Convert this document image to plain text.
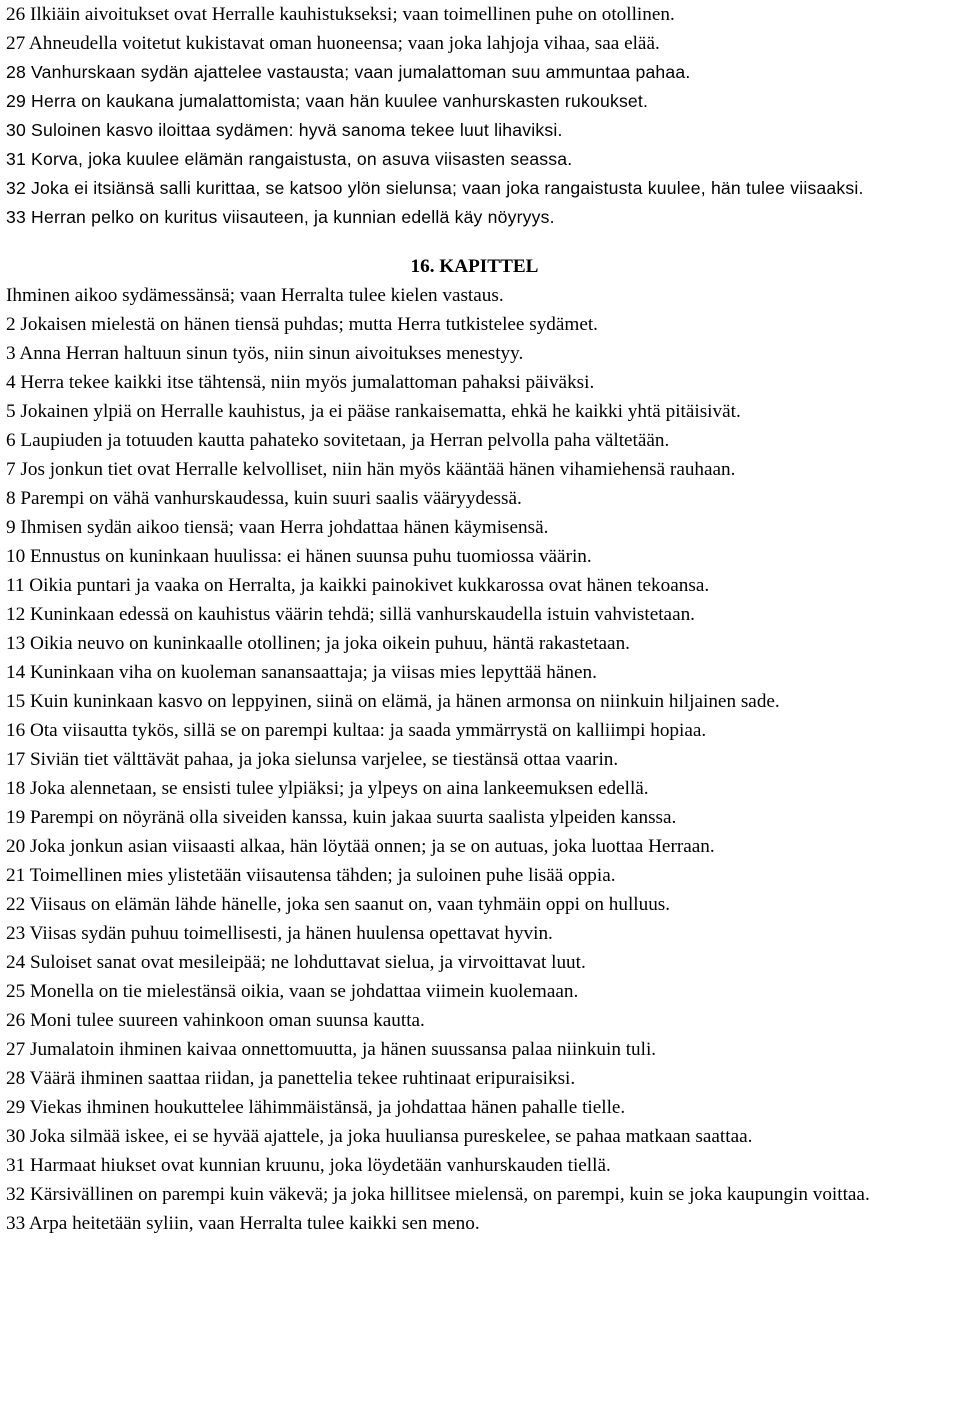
26 Ilkiäin aivoitukset ovat Herralle kauhistukseksi; vaan toimellinen puhe on otollinen.

27 Ahneudella voitetut kukistavat oman huoneensa; vaan joka lahjoja vihaa, saa elää.

28 Vanhurskaan sydän ajattelee vastausta; vaan jumalattoman suu ammuntaa pahaa.

29 Herra on kaukana jumalattomista; vaan hän kuulee vanhurskasten rukoukset.

30 Suloinen kasvo iloittaa sydämen: hyvä sanoma tekee luut lihaviksi.

31 Korva, joka kuulee elämän rangaistusta, on asuva viisasten seassa.

32 Joka ei itsiänsä salli kurittaa, se katsoo ylön sielunsa; vaan joka rangaistusta kuulee, hän tulee viisaaksi.

33 Herran pelko on kuritus viisauteen, ja kunnian edellä käy nöyryys.

16. KAPITTEL

Ihminen aikoo sydämessänsä; vaan Herralta tulee kielen vastaus.

2 Jokaisen mielestä on hänen tiensä puhdas; mutta Herra tutkistelee sydämet.

3 Anna Herran haltuun sinun työs, niin sinun aivoitukses menestyy.

4 Herra tekee kaikki itse tähtensä, niin myös jumalattoman pahaksi päiväksi.

5 Jokainen ylpiä on Herralle kauhistus, ja ei pääse rankaisematta, ehkä he kaikki yhtä pitäisivät.

6 Laupiuden ja totuuden kautta pahateko sovitetaan, ja Herran pelvolla paha vältetään.

7 Jos jonkun tiet ovat Herralle kelvolliset, niin hän myös kääntää hänen vihamiehensä rauhaan.

8 Parempi on vähä vanhurskaudessa, kuin suuri saalis vääryydessä.

9 Ihmisen sydän aikoo tiensä; vaan Herra johdattaa hänen käymisensä.

10 Ennustus on kuninkaan huulissa: ei hänen suunsa puhu tuomiossa väärin.

11 Oikia puntari ja vaaka on Herralta, ja kaikki painokivet kukkarossa ovat hänen tekoansa.

12 Kuninkaan edessä on kauhistus väärin tehdä; sillä vanhurskaudella istuin vahvistetaan.

13 Oikia neuvo on kuninkaalle otollinen; ja joka oikein puhuu, häntä rakastetaan.

14 Kuninkaan viha on kuoleman sanansaattaja; ja viisas mies lepyttää hänen.

15 Kuin kuninkaan kasvo on leppyinen, siinä on elämä, ja hänen armonsa on niinkuin hiljainen sade.

16 Ota viisautta tykös, sillä se on parempi kultaa: ja saada ymmärrystä on kalliimpi hopiaa.

17 Siviän tiet välttävät pahaa, ja joka sielunsa varjelee, se tiestänsä ottaa vaarin.

18 Joka alennetaan, se ensisti tulee ylpiäksi; ja ylpeys on aina lankeemuksen edellä.

19 Parempi on nöyränä olla siveiden kanssa, kuin jakaa suurta saalista ylpeiden kanssa.

20 Joka jonkun asian viisaasti alkaa, hän löytää onnen; ja se on autuas, joka luottaa Herraan.

21 Toimellinen mies ylistetään viisautensa tähden; ja suloinen puhe lisää oppia.

22 Viisaus on elämän lähde hänelle, joka sen saanut on, vaan tyhmäin oppi on hulluus.

23 Viisas sydän puhuu toimellisesti, ja hänen huulensa opettavat hyvin.

24 Suloiset sanat ovat mesileipää; ne lohduttavat sielua, ja virvoittavat luut.

25 Monella on tie mielestänsä oikia, vaan se johdattaa viimein kuolemaan.

26 Moni tulee suureen vahinkoon oman suunsa kautta.

27 Jumalatoin ihminen kaivaa onnettomuutta, ja hänen suussansa palaa niinkuin tuli.

28 Väärä ihminen saattaa riidan, ja panettelia tekee ruhtinaat eripuraisiksi.

29 Viekas ihminen houkuttelee lähimmäistänsä, ja johdattaa hänen pahalle tielle.

30 Joka silmää iskee, ei se hyvää ajattele, ja joka huuliansa pureskelee, se pahaa matkaan saattaa.

31 Harmaat hiukset ovat kunnian kruunu, joka löydetään vanhurskauden tiellä.

32 Kärsivällinen on parempi kuin väkevä; ja joka hillitsee mielensä, on parempi, kuin se joka kaupungin voittaa.

33 Arpa heitetään syliin, vaan Herralta tulee kaikki sen meno.
